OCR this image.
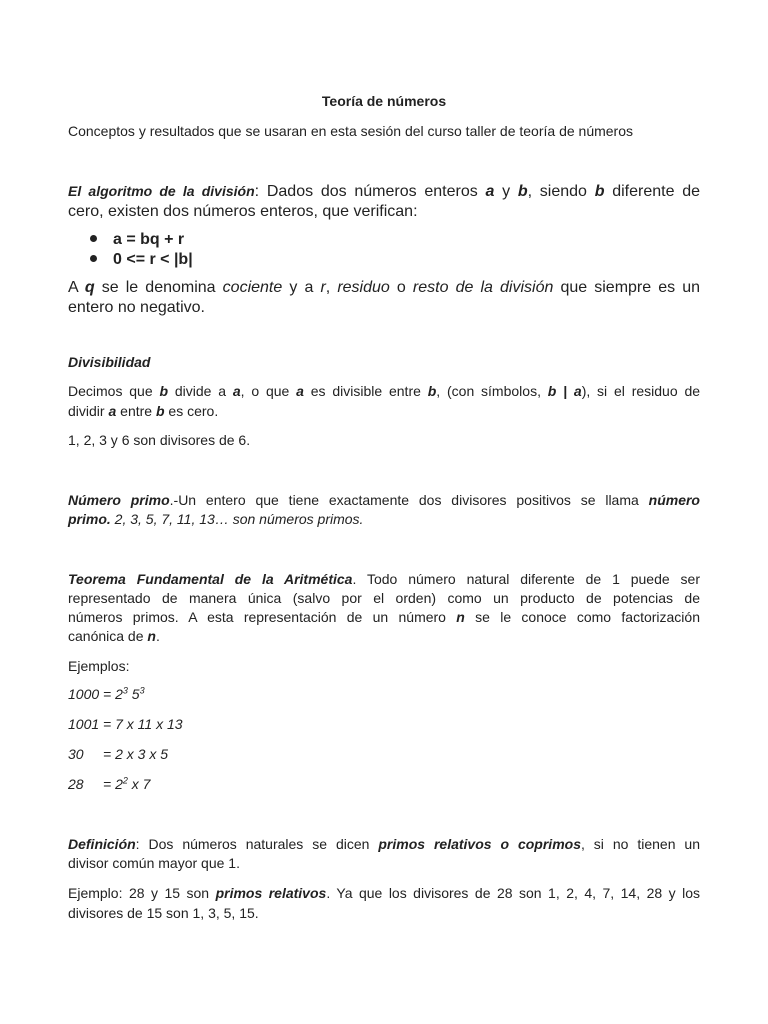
Teoría de números

Conceptos y resultados que se usaran en esta sesión del curso taller de teoría de números

El algoritmo de la división: Dados dos números enteros a y b, siendo b diferente de

cero, existen dos números enteros, que verifican:

a = bq + r
0 <= r < |b|

A q se le denomina cociente y a r, residuo o resto de la división que siempre es un

entero no negativo.

Divisibilidad

Decimos que b divide a a, o que a es divisible entre b, (con símbolos, b | a), si el residuo de

dividir a entre b es cero.

1, 2, 3 y 6 son divisores de 6.

Número primo.-Un entero que tiene exactamente dos divisores positivos se llama número

primo. 2, 3, 5, 7, 11, 13… son números primos.

Teorema Fundamental de la Aritmética. Todo número natural diferente de 1 puede ser

representado de manera única (salvo por el orden) como un producto de potencias de

números primos. A esta representación de un número n se le conoce como factorización

canónica de n.

Ejemplos:

$1000 = 2^3$ $5^3$

1001 = 7 x 11 x 13

30     = 2 x 3 x 5

28     = $2^2$ x 7

Definición: Dos números naturales se dicen primos relativos o coprimos, si no tienen un

divisor común mayor que 1.

Ejemplo: 28 y 15 son primos relativos. Ya que los divisores de 28 son 1, 2, 4, 7, 14, 28 y los

divisores de 15 son 1, 3, 5, 15.
